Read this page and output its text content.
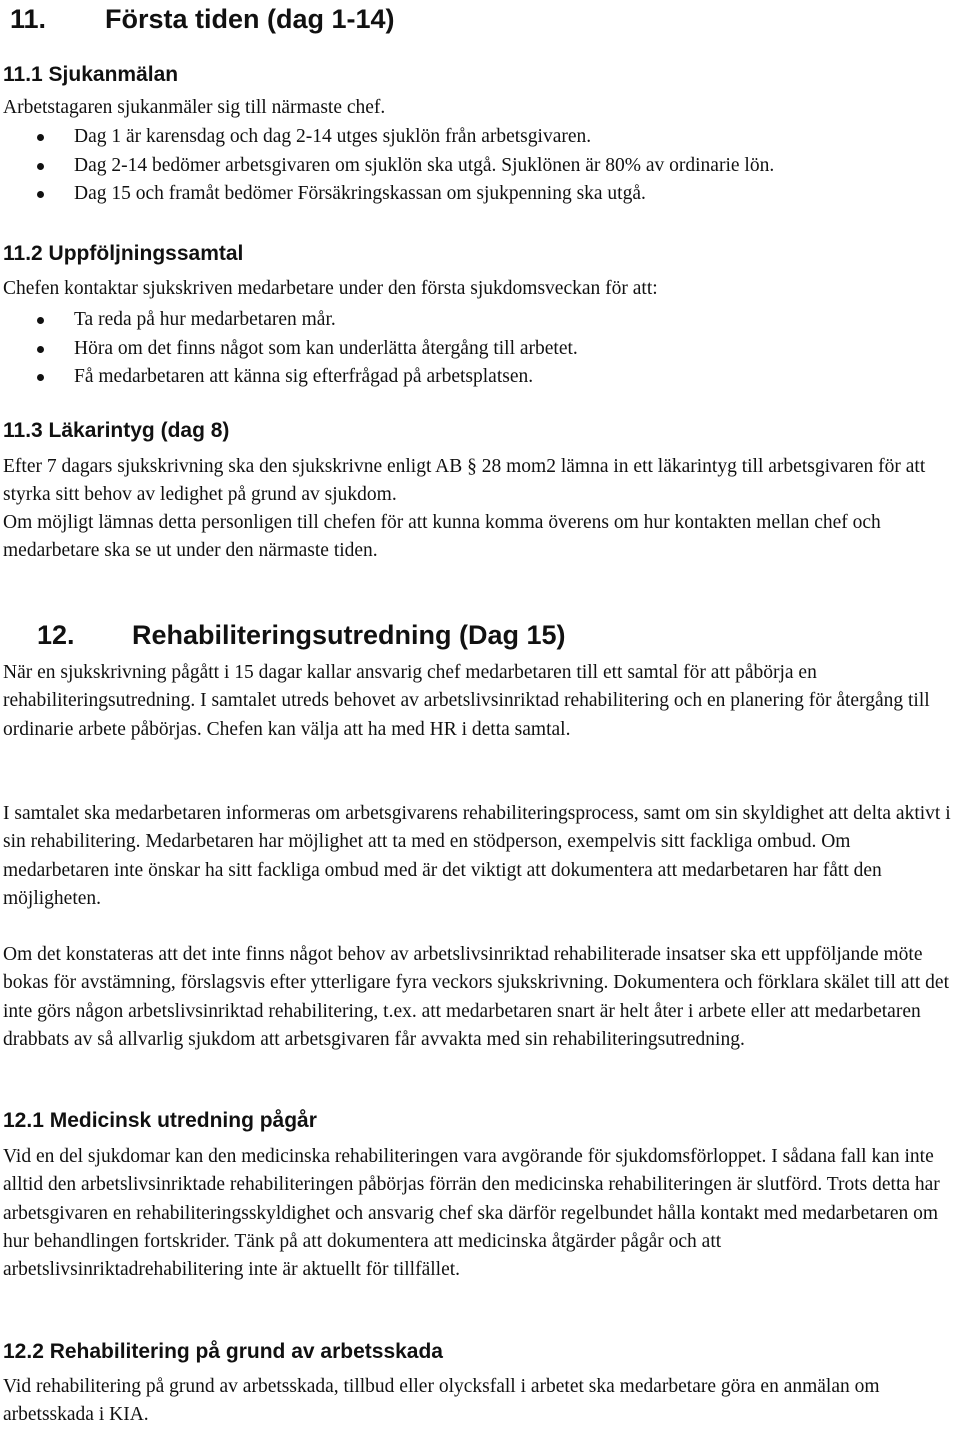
11. Första tiden (dag 1-14)
11.1 Sjukanmälan

Arbetstagaren sjukanmäler sig till närmaste chef.

Dag 1 är karensdag och dag 2-14 utges sjuklön från arbetsgivaren.
Dag 2-14 bedömer arbetsgivaren om sjuklön ska utgå. Sjuklönen är 80% av ordinarie lön.
Dag 15 och framåt bedömer Försäkringskassan om sjukpenning ska utgå.
11.2 Uppföljningssamtal

Chefen kontaktar sjukskriven medarbetare under den första sjukdomsveckan för att:

Ta reda på hur medarbetaren mår.
Höra om det finns något som kan underlätta återgång till arbetet.
Få medarbetaren att känna sig efterfrågad på arbetsplatsen.
11.3 Läkarintyg (dag 8)

Efter 7 dagars sjukskrivning ska den sjukskrivne enligt AB § 28 mom2 lämna in ett läkarintyg till arbetsgivaren för att styrka sitt behov av ledighet på grund av sjukdom.

Om möjligt lämnas detta personligen till chefen för att kunna komma överens om hur kontakten mellan chef och medarbetare ska se ut under den närmaste tiden.

12. Rehabiliteringsutredning (Dag 15)

När en sjukskrivning pågått i 15 dagar kallar ansvarig chef medarbetaren till ett samtal för att påbörja en rehabiliteringsutredning. I samtalet utreds behovet av arbetslivsinriktad rehabilitering och en planering för återgång till ordinarie arbete påbörjas. Chefen kan välja att ha med HR i detta samtal.

I samtalet ska medarbetaren informeras om arbetsgivarens rehabiliteringsprocess, samt om sin skyldighet att delta aktivt i sin rehabilitering. Medarbetaren har möjlighet att ta med en stödperson, exempelvis sitt fackliga ombud. Om medarbetaren inte önskar ha sitt fackliga ombud med är det viktigt att dokumentera att medarbetaren har fått den möjligheten.

Om det konstateras att det inte finns något behov av arbetslivsinriktad rehabiliterade insatser ska ett uppföljande möte bokas för avstämning, förslagsvis efter ytterligare fyra veckors sjukskrivning. Dokumentera och förklara skälet till att det inte görs någon arbetslivsinriktad rehabilitering, t.ex. att medarbetaren snart är helt åter i arbete eller att medarbetaren drabbats av så allvarlig sjukdom att arbetsgivaren får avvakta med sin rehabiliteringsutredning.

12.1 Medicinsk utredning pågår

Vid en del sjukdomar kan den medicinska rehabiliteringen vara avgörande för sjukdomsförloppet. I sådana fall kan inte alltid den arbetslivsinriktade rehabiliteringen påbörjas förrän den medicinska rehabiliteringen är slutförd. Trots detta har arbetsgivaren en rehabiliteringsskyldighet och ansvarig chef ska därför regelbundet hålla kontakt med medarbetaren om hur behandlingen fortskrider. Tänk på att dokumentera att medicinska åtgärder pågår och att arbetslivsinriktadrehabilitering inte är aktuellt för tillfället.

12.2 Rehabilitering på grund av arbetsskada

Vid rehabilitering på grund av arbetsskada, tillbud eller olycksfall i arbetet ska medarbetare göra en anmälan om arbetsskada i KIA.
